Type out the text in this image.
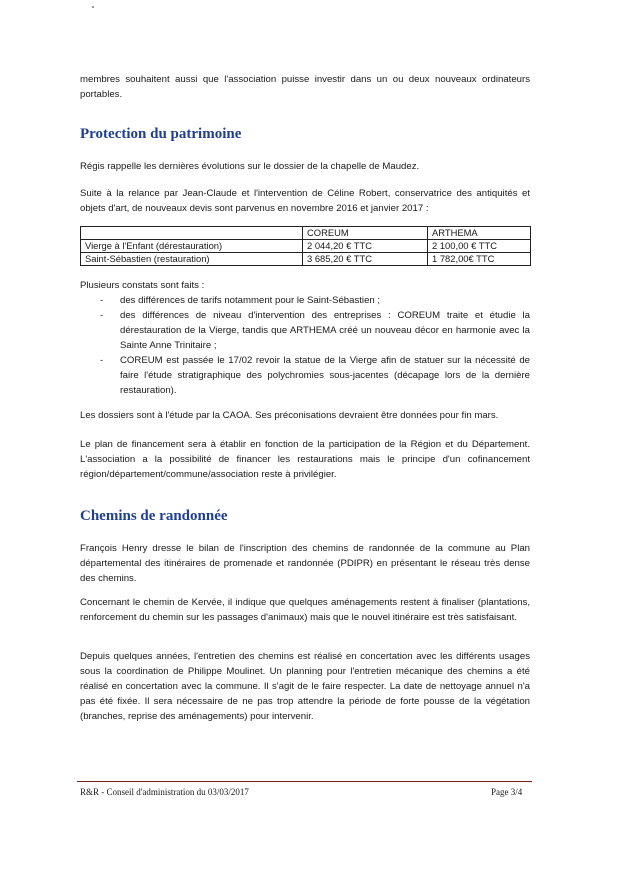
membres souhaitent aussi que l'association puisse investir dans un ou deux nouveaux ordinateurs portables.

Protection du patrimoine

Régis rappelle les dernières évolutions sur le dossier de la chapelle de Maudez.

Suite à la relance par Jean-Claude et l'intervention de Céline Robert, conservatrice des antiquités et objets d'art, de nouveaux devis sont parvenus en novembre 2016 et janvier 2017 :

	COREUM	ARTHEMA
Vierge à l'Enfant (dérestauration)	2 044,20 € TTC	2 100,00 € TTC
Saint-Sébastien (restauration)	3 685,20 € TTC	1 782,00€ TTC

Plusieurs constats sont faits :

- des différences de tarifs notamment pour le Saint-Sébastien ;
- des différences de niveau d'intervention des entreprises : COREUM traite et étudie la dérestauration de la Vierge, tandis que ARTHEMA créé un nouveau décor en harmonie avec la Sainte Anne Trinitaire ;
- COREUM est passée le 17/02 revoir la statue de la Vierge afin de statuer sur la nécessité de faire l'étude stratigraphique des polychromies sous-jacentes (décapage lors de la dernière restauration).

Les dossiers sont à l'étude par la CAOA. Ses préconisations devraient être données pour fin mars.

Le plan de financement sera à établir en fonction de la participation de la Région et du Département. L'association a la possibilité de financer les restaurations mais le principe d'un cofinancement région/département/commune/association reste à privilégier.

Chemins de randonnée

François Henry dresse le bilan de l'inscription des chemins de randonnée de la commune au Plan départemental des itinéraires de promenade et randonnée (PDIPR) en présentant le réseau très dense des chemins.

Concernant le chemin de Kervée, il indique que quelques aménagements restent à finaliser (plantations, renforcement du chemin sur les passages d'animaux) mais que le nouvel itinéraire est très satisfaisant.

Depuis quelques années, l'entretien des chemins est réalisé en concertation avec les différents usages sous la coordination de Philippe Moulinet. Un planning pour l'entretien mécanique des chemins a été réalisé en concertation avec la commune. Il s'agit de le faire respecter. La date de nettoyage annuel n'a pas été fixée. Il sera nécessaire de ne pas trop attendre la période de forte pousse de la végétation (branches, reprise des aménagements) pour intervenir.

R&R - Conseil d'administration du 03/03/2017	Page 3/4
